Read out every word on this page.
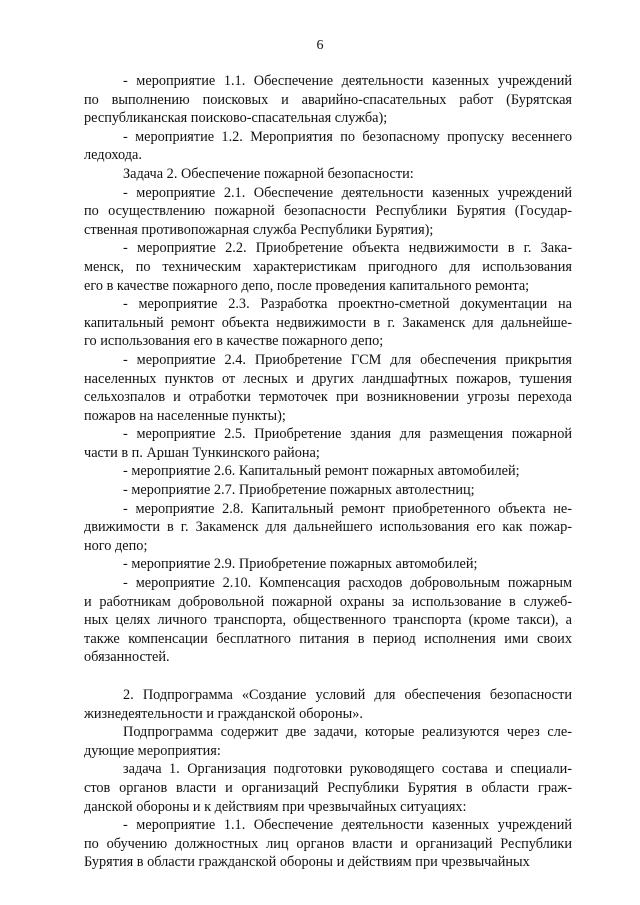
6
- мероприятие 1.1. Обеспечение деятельности казенных учреждений
по выполнению поисковых и аварийно-спасательных работ (Бурятская
республиканская поисково-спасательная служба);
- мероприятие 1.2. Мероприятия по безопасному пропуску весеннего
ледохода.
Задача 2. Обеспечение пожарной безопасности:
- мероприятие 2.1. Обеспечение деятельности казенных учреждений
по осуществлению пожарной безопасности Республики Бурятия (Государ-
ственная противопожарная служба Республики Бурятия);
- мероприятие 2.2. Приобретение объекта недвижимости в г. Зака-
менск, по техническим характеристикам пригодного для использования
его в качестве пожарного депо, после проведения капитального ремонта;
- мероприятие 2.3. Разработка проектно-сметной документации на
капитальный ремонт объекта недвижимости в г. Закаменск для дальнейше-
го использования его в качестве пожарного депо;
- мероприятие 2.4. Приобретение ГСМ для обеспечения прикрытия
населенных пунктов от лесных и других ландшафтных пожаров, тушения
сельхозпалов и отработки термоточек при возникновении угрозы перехода
пожаров на населенные пункты);
- мероприятие 2.5. Приобретение здания для размещения пожарной
части в п. Аршан Тункинского района;
- мероприятие 2.6. Капитальный ремонт пожарных автомобилей;
- мероприятие 2.7. Приобретение пожарных автолестниц;
- мероприятие 2.8. Капитальный ремонт приобретенного объекта не-
движимости в г. Закаменск для дальнейшего использования его как пожар-
ного депо;
- мероприятие 2.9. Приобретение пожарных автомобилей;
- мероприятие 2.10. Компенсация расходов добровольным пожарным
и работникам добровольной пожарной охраны за использование в служеб-
ных целях личного транспорта, общественного транспорта (кроме такси), а
также компенсации бесплатного питания в период исполнения ими своих
обязанностей.
2. Подпрограмма «Создание условий для обеспечения безопасности
жизнедеятельности и гражданской обороны».
Подпрограмма содержит две задачи, которые реализуются через сле-
дующие мероприятия:
задача 1. Организация подготовки руководящего состава и специали-
стов органов власти и организаций Республики Бурятия в области граж-
данской обороны и к действиям при чрезвычайных ситуациях:
- мероприятие 1.1. Обеспечение деятельности казенных учреждений
по обучению должностных лиц органов власти и организаций Республики
Бурятия в области гражданской обороны и действиям при чрезвычайных
